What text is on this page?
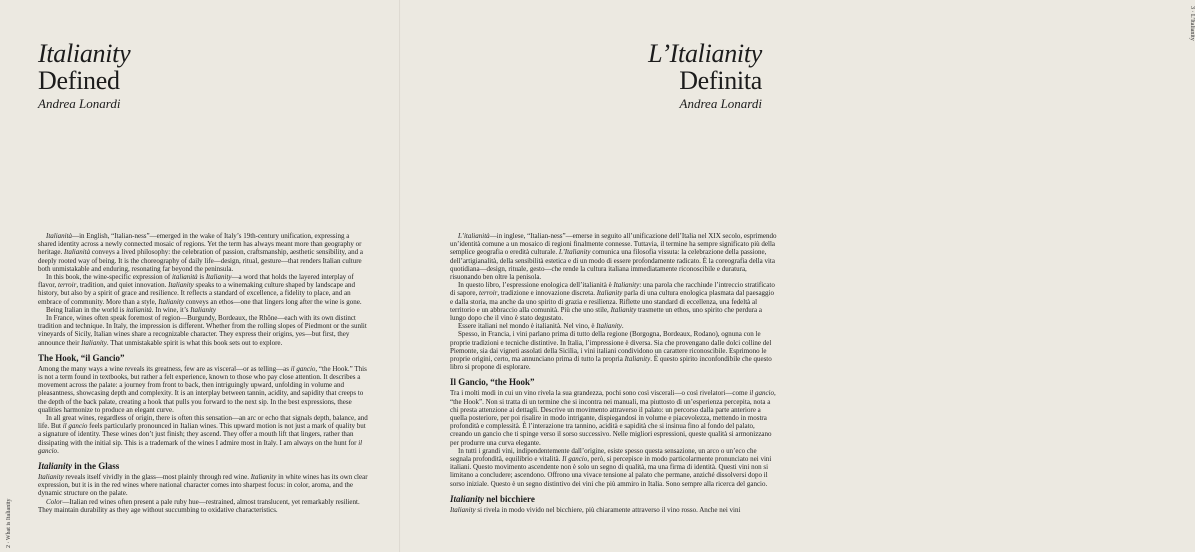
Italianity
Defined
Andrea Lonardi

Italianità—in English, “Italian-ness”—emerged in the wake of Italy’s 19th-century unification, expressing a shared identity across a newly connected mosaic of regions. Yet the term has always meant more than geography or heritage. Italianità conveys a lived philosophy: the celebration of passion, craftsmanship, aesthetic sensibility, and a deeply rooted way of being. It is the choreography of daily life—design, ritual, gesture—that renders Italian culture both unmistakable and enduring, resonating far beyond the peninsula.

In this book, the wine-specific expression of italianità is Italianity—a word that holds the layered interplay of flavor, terroir, tradition, and quiet innovation. Italianity speaks to a winemaking culture shaped by landscape and history, but also by a spirit of grace and resilience. It reflects a standard of excellence, a fidelity to place, and an embrace of community. More than a style, Italianity conveys an ethos—one that lingers long after the wine is gone.

Being Italian in the world is italianità. In wine, it’s Italianity

In France, wines often speak foremost of region—Burgundy, Bordeaux, the Rhône—each with its own distinct tradition and technique. In Italy, the impression is different. Whether from the rolling slopes of Piedmont or the sunlit vineyards of Sicily, Italian wines share a recognizable character. They express their origins, yes—but first, they announce their Italianity. That unmistakable spirit is what this book sets out to explore.

The Hook, “il Gancio”

Among the many ways a wine reveals its greatness, few are as visceral—or as telling—as il gancio, “the Hook.” This is not a term found in textbooks, but rather a felt experience, known to those who pay close attention. It describes a movement across the palate: a journey from front to back, then intriguingly upward, unfolding in volume and pleasantness, showcasing depth and complexity. It is an interplay between tannin, acidity, and sapidity that creeps to the depth of the back palate, creating a hook that pulls you forward to the next sip. In the best expressions, these qualities harmonize to produce an elegant curve.

In all great wines, regardless of origin, there is often this sensation—an arc or echo that signals depth, balance, and life. But il gancio feels particularly pronounced in Italian wines. This upward motion is not just a mark of quality but a signature of identity. These wines don’t just finish; they ascend. They offer a mouth lift that lingers, rather than dissipating with the initial sip. This is a trademark of the wines I admire most in Italy. I am always on the hunt for il gancio.

Italianity in the Glass

Italianity reveals itself vividly in the glass—most plainly through red wine. Italianity in white wines has its own clear expression, but it is in the red wines where national character comes into sharpest focus: in color, aroma, and the dynamic structure on the palate.

Color—Italian red wines often present a pale ruby hue—restrained, almost translucent, yet remarkably resilient. They maintain durability as they age without succumbing to oxidative characteristics.

2 · What is Italianity
L’Italianity
Definita
Andrea Lonardi

L’italianità—in inglese, “Italian-ness”—emerse in seguito all’unificazione dell’Italia nel XIX secolo, esprimendo un’identità comune a un mosaico di regioni finalmente connesse. Tuttavia, il termine ha sempre significato più della semplice geografia o eredità culturale. L’Italianity comunica una filosofia vissuta: la celebrazione della passione, dell’artigianalità, della sensibilità estetica e di un modo di essere profondamente radicato. È la coreografia della vita quotidiana—design, rituale, gesto—che rende la cultura italiana immediatamente riconoscibile e duratura, risuonando ben oltre la penisola.

In questo libro, l’espressione enologica dell’italianità è Italianity: una parola che racchiude l’intreccio stratificato di sapore, terroir, tradizione e innovazione discreta. Italianity parla di una cultura enologica plasmata dal paesaggio e dalla storia, ma anche da uno spirito di grazia e resilienza. Riflette uno standard di eccellenza, una fedeltà al territorio e un abbraccio alla comunità. Più che uno stile, Italianity trasmette un ethos, uno spirito che perdura a lungo dopo che il vino è stato degustato.

Essere italiani nel mondo è italianità. Nel vino, è Italianity.

Spesso, in Francia, i vini parlano prima di tutto della regione (Borgogna, Bordeaux, Rodano), ognuna con le proprie tradizioni e tecniche distintive. In Italia, l’impressione è diversa. Sia che provengano dalle dolci colline del Piemonte, sia dai vigneti assolati della Sicilia, i vini italiani condividono un carattere riconoscibile. Esprimono le proprie origini, certo, ma annunciano prima di tutto la propria Italianity. È questo spirito inconfondibile che questo libro si propone di esplorare.

Il Gancio, “the Hook”

Tra i molti modi in cui un vino rivela la sua grandezza, pochi sono così viscerali—o così rivelatori—come il gancio, “the Hook”. Non si tratta di un termine che si incontra nei manuali, ma piuttosto di un’esperienza percepita, nota a chi presta attenzione ai dettagli. Descrive un movimento attraverso il palato: un percorso dalla parte anteriore a quella posteriore, per poi risalire in modo intrigante, dispiegandosi in volume e piacevolezza, mettendo in mostra profondità e complessità. È l’interazione tra tannino, acidità e sapidità che si insinua fino al fondo del palato, creando un gancio che ti spinge verso il sorso successivo. Nelle migliori espressioni, queste qualità si armonizzano per produrre una curva elegante.

In tutti i grandi vini, indipendentemente dall’origine, esiste spesso questa sensazione, un arco o un’eco che segnala profondità, equilibrio e vitalità. Il gancio, però, si percepisce in modo particolarmente pronunciato nei vini italiani. Questo movimento ascendente non è solo un segno di qualità, ma una firma di identità. Questi vini non si limitano a concludere; ascendono. Offrono una vivace tensione al palato che permane, anziché dissolversi dopo il sorso iniziale. Questo è un segno distintivo dei vini che più ammiro in Italia. Sono sempre alla ricerca del gancio.

Italianity nel bicchiere

Italianity si rivela in modo vivido nel bicchiere, più chiaramente attraverso il vino rosso. Anche nei vini

3 · L’Italianity
